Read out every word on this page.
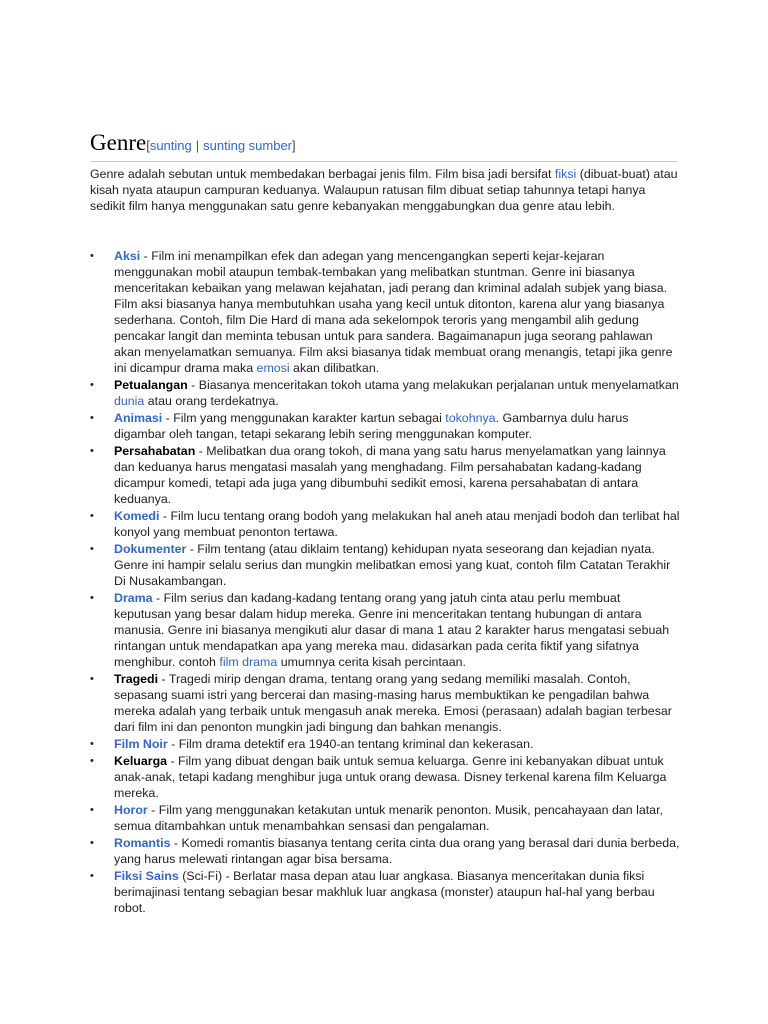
Genre [sunting | sunting sumber]

Genre adalah sebutan untuk membedakan berbagai jenis film. Film bisa jadi bersifat fiksi (dibuat-buat) atau kisah nyata ataupun campuran keduanya. Walaupun ratusan film dibuat setiap tahunnya tetapi hanya sedikit film hanya menggunakan satu genre kebanyakan menggabungkan dua genre atau lebih.

• Aksi - Film ini menampilkan efek dan adegan yang mencengangkan seperti kejar-kejaran menggunakan mobil ataupun tembak-tembakan yang melibatkan stuntman. Genre ini biasanya menceritakan kebaikan yang melawan kejahatan, jadi perang dan kriminal adalah subjek yang biasa. Film aksi biasanya hanya membutuhkan usaha yang kecil untuk ditonton, karena alur yang biasanya sederhana. Contoh, film Die Hard di mana ada sekelompok teroris yang mengambil alih gedung pencakar langit dan meminta tebusan untuk para sandera. Bagaimanapun juga seorang pahlawan akan menyelamatkan semuanya. Film aksi biasanya tidak membuat orang menangis, tetapi jika genre ini dicampur drama maka emosi akan dilibatkan.
• Petualangan - Biasanya menceritakan tokoh utama yang melakukan perjalanan untuk menyelamatkan dunia atau orang terdekatnya.
• Animasi - Film yang menggunakan karakter kartun sebagai tokohnya. Gambarnya dulu harus digambar oleh tangan, tetapi sekarang lebih sering menggunakan komputer.
• Persahabatan - Melibatkan dua orang tokoh, di mana yang satu harus menyelamatkan yang lainnya dan keduanya harus mengatasi masalah yang menghadang. Film persahabatan kadang-kadang dicampur komedi, tetapi ada juga yang dibumbuhi sedikit emosi, karena persahabatan di antara keduanya.
• Komedi - Film lucu tentang orang bodoh yang melakukan hal aneh atau menjadi bodoh dan terlibat hal konyol yang membuat penonton tertawa.
• Dokumenter - Film tentang (atau diklaim tentang) kehidupan nyata seseorang dan kejadian nyata. Genre ini hampir selalu serius dan mungkin melibatkan emosi yang kuat, contoh film Catatan Terakhir Di Nusakambangan.
• Drama - Film serius dan kadang-kadang tentang orang yang jatuh cinta atau perlu membuat keputusan yang besar dalam hidup mereka. Genre ini menceritakan tentang hubungan di antara manusia. Genre ini biasanya mengikuti alur dasar di mana 1 atau 2 karakter harus mengatasi sebuah rintangan untuk mendapatkan apa yang mereka mau. didasarkan pada cerita fiktif yang sifatnya menghibur. contoh film drama umumnya cerita kisah percintaan.
• Tragedi - Tragedi mirip dengan drama, tentang orang yang sedang memiliki masalah. Contoh, sepasang suami istri yang bercerai dan masing-masing harus membuktikan ke pengadilan bahwa mereka adalah yang terbaik untuk mengasuh anak mereka. Emosi (perasaan) adalah bagian terbesar dari film ini dan penonton mungkin jadi bingung dan bahkan menangis.
• Film Noir - Film drama detektif era 1940-an tentang kriminal dan kekerasan.
• Keluarga - Film yang dibuat dengan baik untuk semua keluarga. Genre ini kebanyakan dibuat untuk anak-anak, tetapi kadang menghibur juga untuk orang dewasa. Disney terkenal karena film Keluarga mereka.
• Horor - Film yang menggunakan ketakutan untuk menarik penonton. Musik, pencahayaan dan latar, semua ditambahkan untuk menambahkan sensasi dan pengalaman.
• Romantis - Komedi romantis biasanya tentang cerita cinta dua orang yang berasal dari dunia berbeda, yang harus melewati rintangan agar bisa bersama.
• Fiksi Sains (Sci-Fi) - Berlatar masa depan atau luar angkasa. Biasanya menceritakan dunia fiksi berimajinasi tentang sebagian besar makhluk luar angkasa (monster) ataupun hal-hal yang berbau robot.
